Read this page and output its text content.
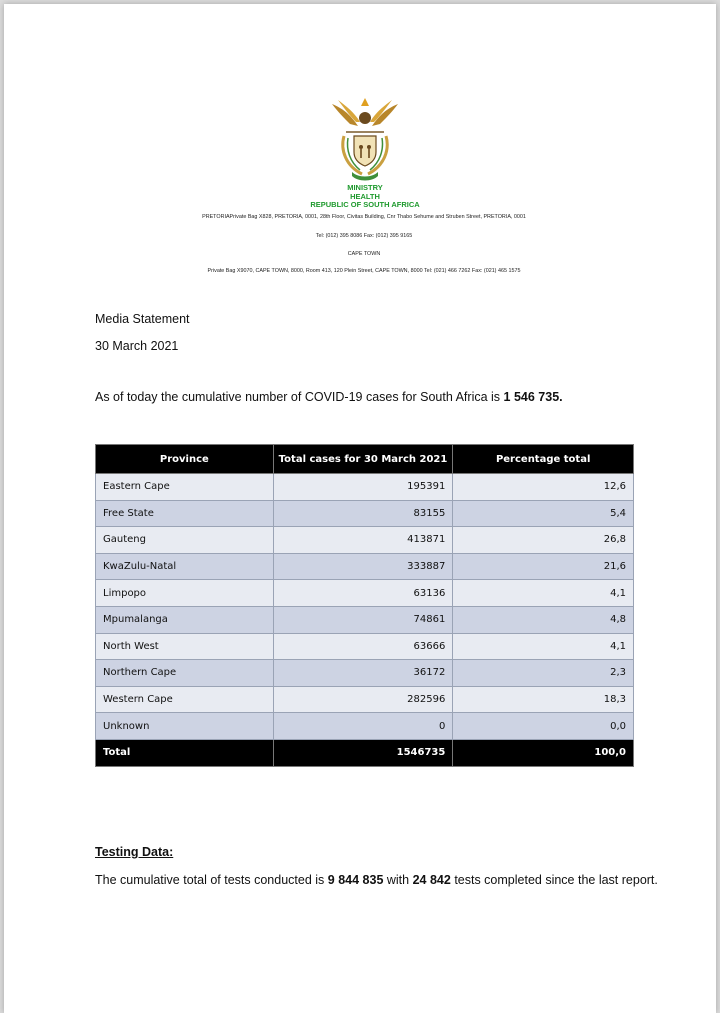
MINISTRY
HEALTH
REPUBLIC OF SOUTH AFRICA
PRETORIAPrivate Bag X828, PRETORIA, 0001, 28th Floor, Civitas Building, Cnr Thabo Sehume and Struben Street, PRETORIA, 0001
Tel: (012) 395 8086 Fax: (012) 395 9165
CAPE TOWN
Private Bag X9070, CAPE TOWN, 8000, Room 413, 120 Plein Street, CAPE TOWN, 8000 Tel: (021) 466 7262 Fax: (021) 465 1575
Media Statement
30 March 2021
As of today the cumulative number of COVID-19 cases for South Africa is 1 546 735.
Province	Total cases for 30 March 2021	Percentage total
Eastern Cape	195391	12,6
Free State	83155	5,4
Gauteng	413871	26,8
KwaZulu-Natal	333887	21,6
Limpopo	63136	4,1
Mpumalanga	74861	4,8
North West	63666	4,1
Northern Cape	36172	2,3
Western Cape	282596	18,3
Unknown	0	0,0
Total	1546735	100,0
Testing Data:
The cumulative total of tests conducted is 9 844 835 with 24 842 tests completed since the last report.
